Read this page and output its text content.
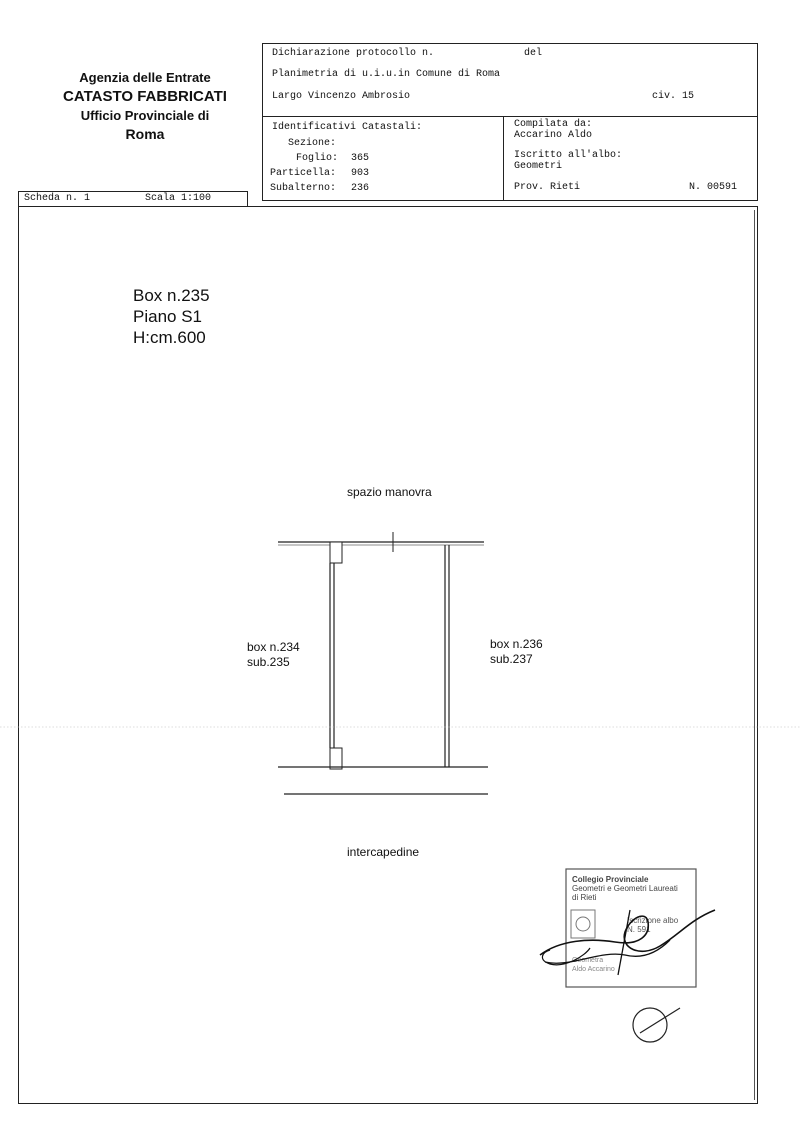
Agenzia delle Entrate
CATASTO FABBRICATI
Ufficio Provinciale di
Roma
Dichiarazione protocollo n.	del
Planimetria di u.i.u.in Comune di Roma
Largo Vincenzo Ambrosio	civ. 15
Identificativi Catastali:
Sezione:
Foglio: 365
Particella: 903
Subalterno: 236
Compilata da:
Accarino Aldo
Iscritto all'albo:
Geometri
Prov. Rieti	N. 00591
Scheda n. 1	Scala 1:100
Box n.235
Piano S1
H:cm.600
spazio manovra
box n.234
sub.235
box n.236
sub.237
intercapedine
Collegio Provinciale
Geometri e Geometri Laureati
di Rieti
Iscrizione albo
N. 591
Geometra
Aldo Accarino
